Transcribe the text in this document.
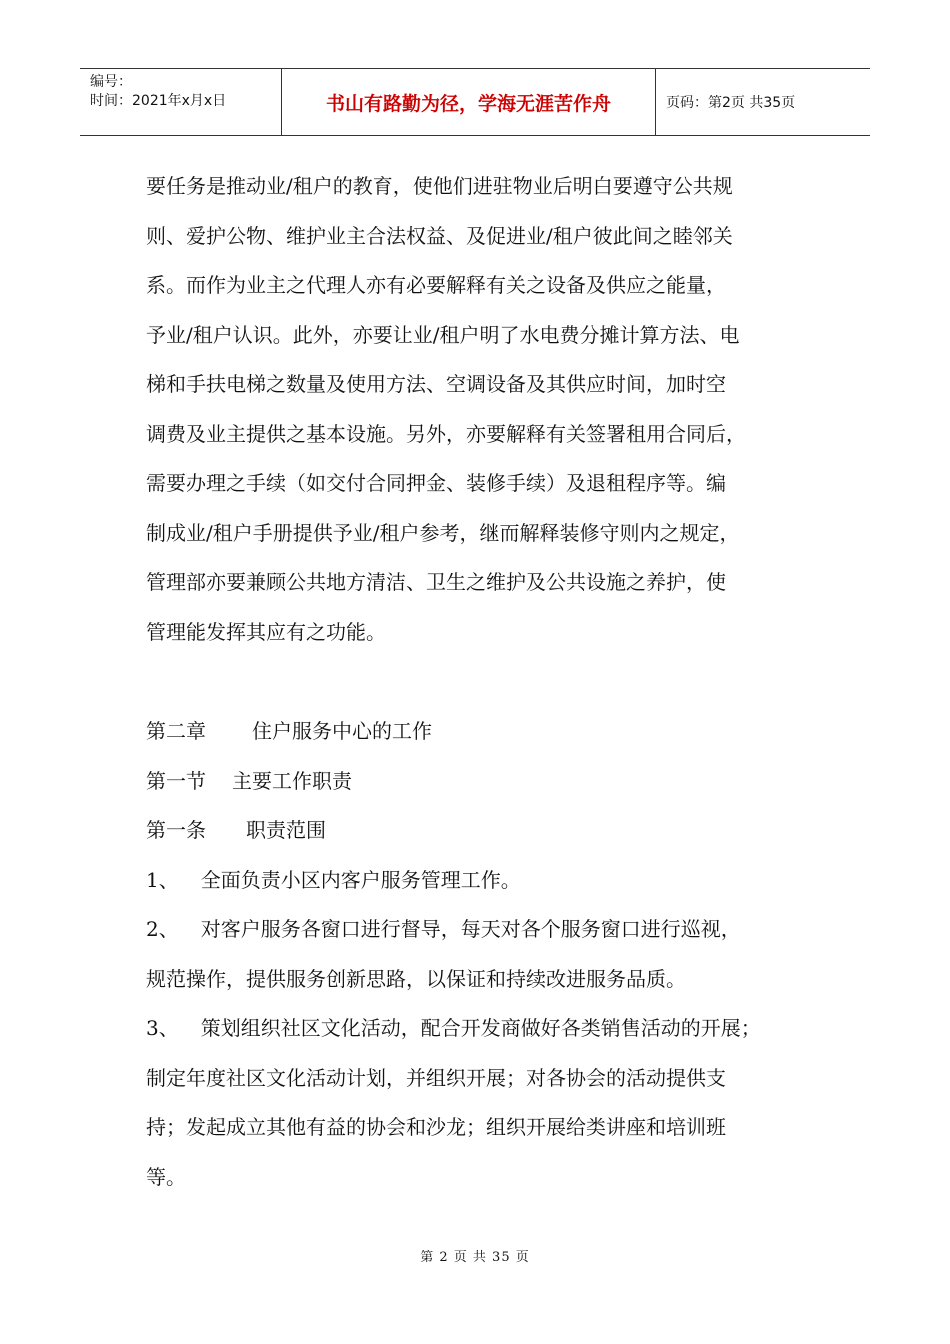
编号：
时间：2021年x月x日	书山有路勤为径，学海无涯苦作舟	页码：第2页 共35页

要任务是推动业/租户的教育，使他们进驻物业后明白要遵守公共规

则、爱护公物、维护业主合法权益、及促进业/租户彼此间之睦邻关

系。而作为业主之代理人亦有必要解释有关之设备及供应之能量，

予业/租户认识。此外，亦要让业/租户明了水电费分摊计算方法、电

梯和手扶电梯之数量及使用方法、空调设备及其供应时间，加时空

调费及业主提供之基本设施。另外，亦要解释有关签署租用合同后，

需要办理之手续（如交付合同押金、装修手续）及退租程序等。编

制成业/租户手册提供予业/租户参考，继而解释装修守则内之规定，

管理部亦要兼顾公共地方清洁、卫生之维护及公共设施之养护，使

管理能发挥其应有之功能。

第二章 住户服务中心的工作

第一节 主要工作职责

第一条 职责范围

1、 全面负责小区内客户服务管理工作。

2、 对客户服务各窗口进行督导，每天对各个服务窗口进行巡视，

规范操作，提供服务创新思路，以保证和持续改进服务品质。

3、 策划组织社区文化活动，配合开发商做好各类销售活动的开展；

制定年度社区文化活动计划，并组织开展；对各协会的活动提供支

持；发起成立其他有益的协会和沙龙；组织开展给类讲座和培训班

等。

第 2 页 共 35 页
